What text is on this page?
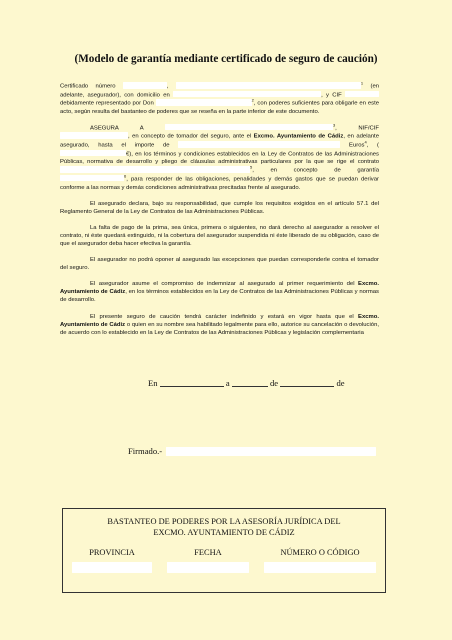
(Modelo de garantía mediante certificado de seguro de caución)

Certificado número	, $^1$ (en adelante, asegurador), con domicilio en	, y CIF  debidamente representado por Don $^2$, con poderes suficientes para obligarle en este acto, según resulta del bastanteo de poderes que se reseña en la parte inferior de este documento.

ASEGURA A $^3$, NIF/CIF , en concepto de tomador del seguro, ante el Excmo. Ayuntamiento de Cádiz, en adelante asegurado, hasta el importe de	Euros$^4$, (€), en los términos y condiciones establecidos en la Ley de Contratos de las Administraciones Públicas, normativa de desarrollo y pliego de cláusulas administrativas particulares por la que se rige el contrato $^5$, en concepto de garantía $^6$, para responder de las obligaciones, penalidades y demás gastos que se puedan derivar conforme a las normas y demás condiciones administrativas precitadas frente al asegurado.

El asegurado declara, bajo su responsabilidad, que cumple los requisitos exigidos en el artículo 57.1 del Reglamento General de la Ley de Contratos de las Administraciones Públicas.

La falta de pago de la prima, sea única, primera o siguientes, no dará derecho al asegurador a resolver el contrato, ni éste quedará extinguido, ni la cobertura del asegurador suspendida ni éste liberado de su obligación, caso de que el asegurador deba hacer efectiva la garantía.

El asegurador no podrá oponer al asegurado las excepciones que puedan corresponderle contra el tomador del seguro.

El asegurador asume el compromiso de indemnizar al asegurado al primer requerimiento del Excmo. Ayuntamiento de Cádiz, en los términos establecidos en la Ley de Contratos de las Administraciones Públicas y normas de desarrollo.

El presente seguro de caución tendrá carácter indefinido y estará en vigor hasta que el Excmo. Ayuntamiento de Cádiz o quien en su nombre sea habilitado legalmente para ello, autorice su cancelación o devolución, de acuerdo con lo establecido en la Ley de Contratos de las Administraciones Públicas y legislación complementaria

En	a	de	de
Firmado.-
BASTANTEO DE PODERES POR LA ASESORÍA JURÍDICA DEL
EXCMO. AYUNTAMIENTO DE CÁDIZ
PROVINCIA	FECHA	NÚMERO O CÓDIGO
